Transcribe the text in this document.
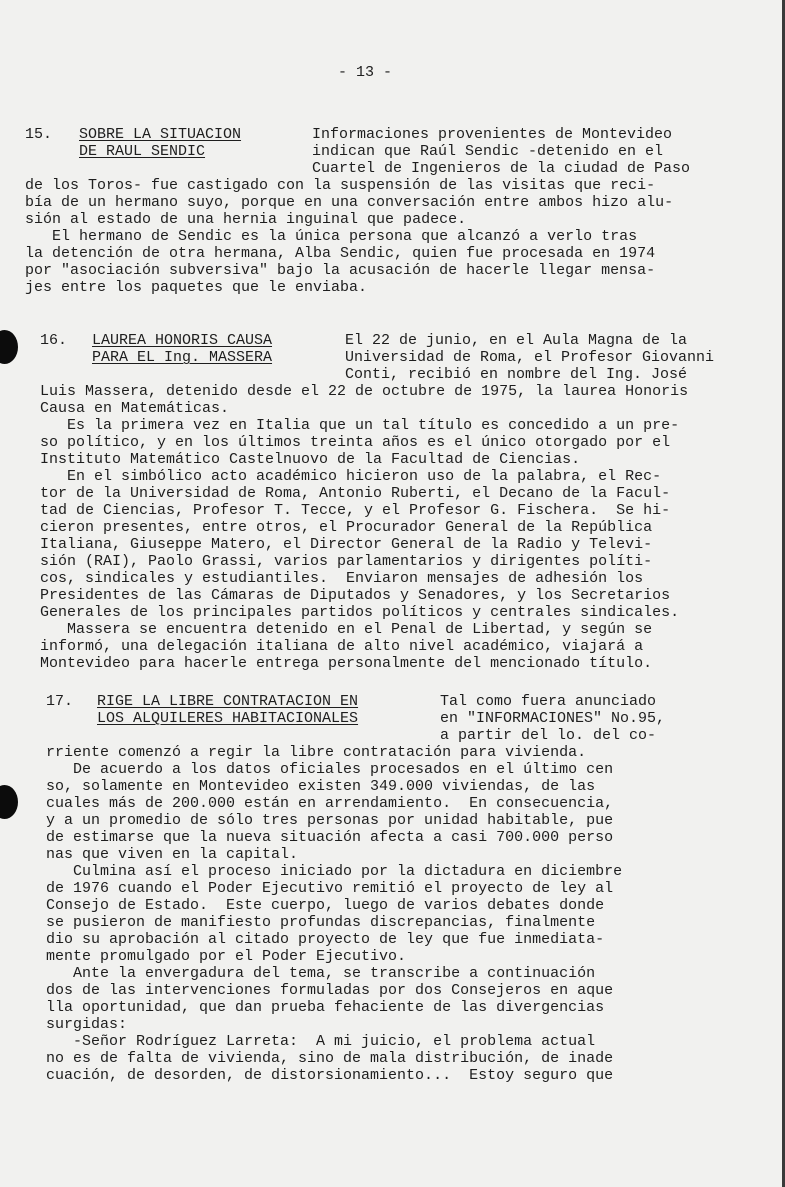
- 13 -
15. SOBRE LA SITUACION
DE RAUL SENDIC
Informaciones provenientes de Montevideo
indican que Raúl Sendic -detenido en el
Cuartel de Ingenieros de la ciudad de Paso
de los Toros- fue castigado con la suspensión de las visitas que reci-
bía de un hermano suyo, porque en una conversación entre ambos hizo alu-
sión al estado de una hernia inguinal que padece.
El hermano de Sendic es la única persona que alcanzó a verlo tras
la detención de otra hermana, Alba Sendic, quien fue procesada en 1974
por "asociación subversiva" bajo la acusación de hacerle llegar mensa-
jes entre los paquetes que le enviaba.
16. LAUREA HONORIS CAUSA
PARA EL Ing. MASSERA
El 22 de junio, en el Aula Magna de la
Universidad de Roma, el Profesor Giovanni
Conti, recibió en nombre del Ing. José
Luis Massera, detenido desde el 22 de octubre de 1975, la laurea Honoris
Causa en Matemáticas.
Es la primera vez en Italia que un tal título es concedido a un pre-
so político, y en los últimos treinta años es el único otorgado por el
Instituto Matemático Castelnuovo de la Facultad de Ciencias.
En el simbólico acto académico hicieron uso de la palabra, el Rec-
tor de la Universidad de Roma, Antonio Ruberti, el Decano de la Facul-
tad de Ciencias, Profesor T. Tecce, y el Profesor G. Fischera.  Se hi-
cieron presentes, entre otros, el Procurador General de la República
Italiana, Giuseppe Matero, el Director General de la Radio y Televi-
sión (RAI), Paolo Grassi, varios parlamentarios y dirigentes políti-
cos, sindicales y estudiantiles.  Enviaron mensajes de adhesión los
Presidentes de las Cámaras de Diputados y Senadores, y los Secretarios
Generales de los principales partidos políticos y centrales sindicales.
Massera se encuentra detenido en el Penal de Libertad, y según se
informó, una delegación italiana de alto nivel académico, viajará a
Montevideo para hacerle entrega personalmente del mencionado título.
17. RIGE LA LIBRE CONTRATACION EN
LOS ALQUILERES HABITACIONALES
Tal como fuera anunciado
en "INFORMACIONES" No.95,
a partir del lo. del co-
rriente comenzó a regir la libre contratación para vivienda.
De acuerdo a los datos oficiales procesados en el último cen
so, solamente en Montevideo existen 349.000 viviendas, de las
cuales más de 200.000 están en arrendamiento.  En consecuencia,
y a un promedio de sólo tres personas por unidad habitable, pue
de estimarse que la nueva situación afecta a casi 700.000 perso
nas que viven en la capital.
Culmina así el proceso iniciado por la dictadura en diciembre
de 1976 cuando el Poder Ejecutivo remitió el proyecto de ley al
Consejo de Estado.  Este cuerpo, luego de varios debates donde
se pusieron de manifiesto profundas discrepancias, finalmente
dio su aprobación al citado proyecto de ley que fue inmediata-
mente promulgado por el Poder Ejecutivo.
Ante la envergadura del tema, se transcribe a continuación
dos de las intervenciones formuladas por dos Consejeros en aque
lla oportunidad, que dan prueba fehaciente de las divergencias
surgidas:
-Señor Rodríguez Larreta:  A mi juicio, el problema actual
no es de falta de vivienda, sino de mala distribución, de inade
cuación, de desorden, de distorsionamiento...  Estoy seguro que
